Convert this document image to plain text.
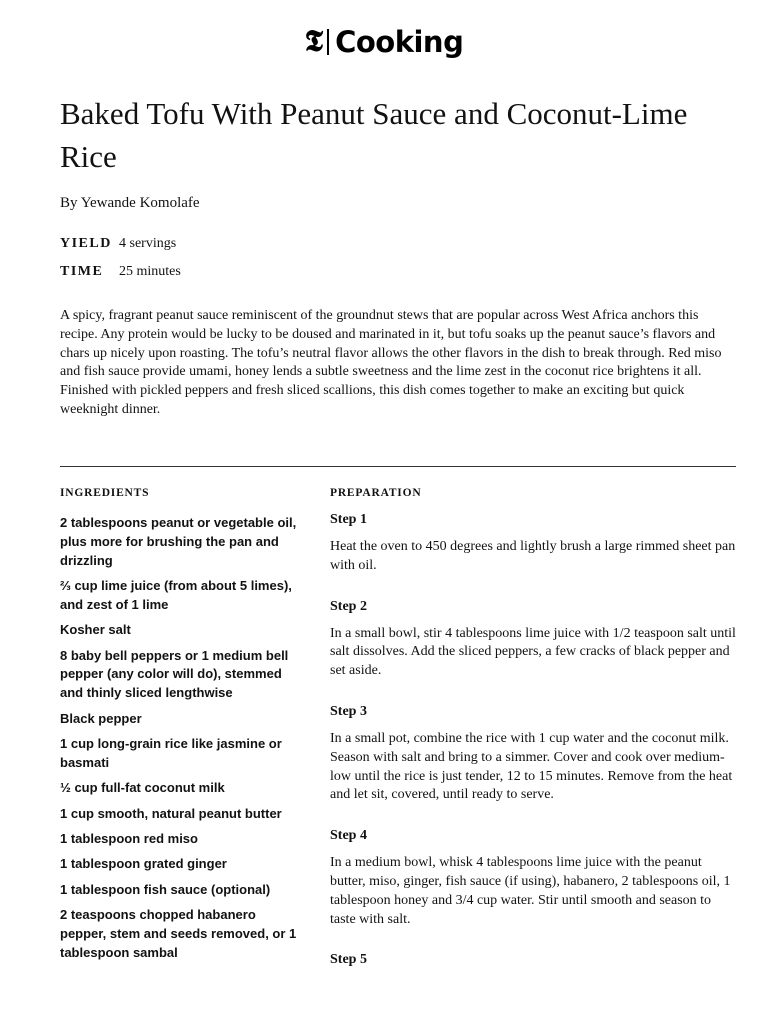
𝕿 Cooking
Baked Tofu With Peanut Sauce and Coconut-Lime Rice
By Yewande Komolafe
YIELD 4 servings
TIME	25 minutes

A spicy, fragrant peanut sauce reminiscent of the groundnut stews that are popular across West Africa anchors this recipe. Any protein would be lucky to be doused and marinated in it, but tofu soaks up the peanut sauce’s flavors and chars up nicely upon roasting. The tofu’s neutral flavor allows the other flavors in the dish to break through. Red miso and fish sauce provide umami, honey lends a subtle sweetness and the lime zest in the coconut rice brightens it all. Finished with pickled peppers and fresh sliced scallions, this dish comes together to make an exciting but quick weeknight dinner.

INGREDIENTS	PREPARATION
2 tablespoons peanut or vegetable oil, plus more for brushing the pan and drizzling
⅔ cup lime juice (from about 5 limes), and zest of 1 lime
Kosher salt
8 baby bell peppers or 1 medium bell pepper (any color will do), stemmed and thinly sliced lengthwise
Black pepper
1 cup long-grain rice like jasmine or basmati
½ cup full-fat coconut milk
1 cup smooth, natural peanut butter
1 tablespoon red miso
1 tablespoon grated ginger
1 tablespoon fish sauce (optional)
2 teaspoons chopped habanero pepper, stem and seeds removed, or 1 tablespoon sambal
Step 1

Heat the oven to 450 degrees and lightly brush a large rimmed sheet pan with oil.

Step 2

In a small bowl, stir 4 tablespoons lime juice with 1/2 teaspoon salt until salt dissolves. Add the sliced peppers, a few cracks of black pepper and set aside.

Step 3

In a small pot, combine the rice with 1 cup water and the coconut milk. Season with salt and bring to a simmer. Cover and cook over medium-low until the rice is just tender, 12 to 15 minutes. Remove from the heat and let sit, covered, until ready to serve.

Step 4

In a medium bowl, whisk 4 tablespoons lime juice with the peanut butter, miso, ginger, fish sauce (if using), habanero, 2 tablespoons oil, 1 tablespoon honey and 3/4 cup water. Stir until smooth and season to taste with salt.

Step 5
